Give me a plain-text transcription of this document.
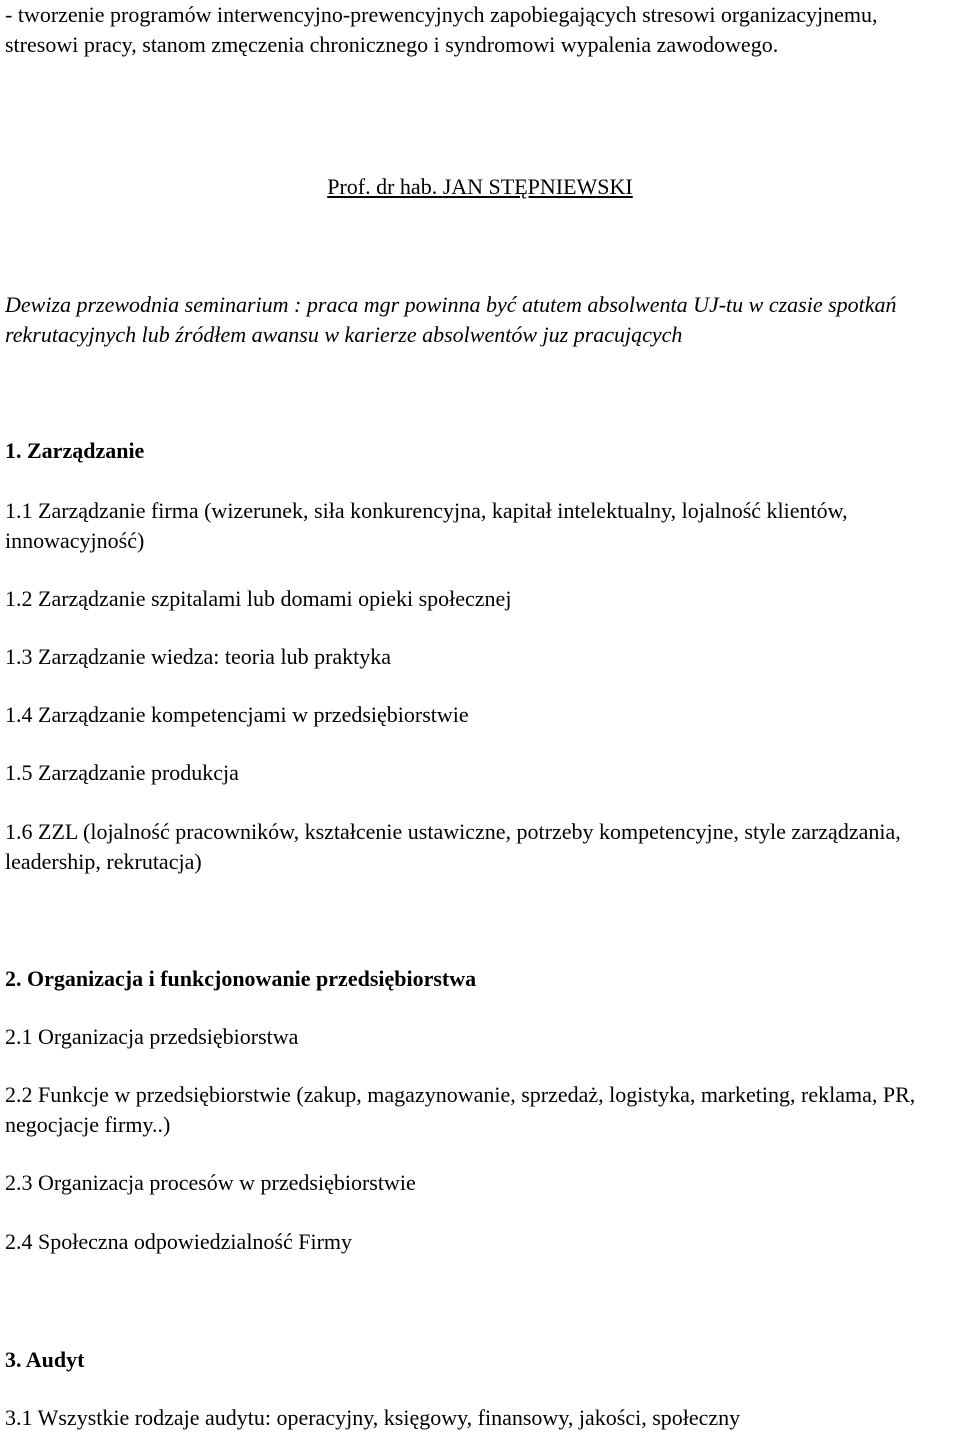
- tworzenie programów interwencyjno-prewencyjnych zapobiegających stresowi organizacyjnemu, stresowi pracy, stanom zmęczenia chronicznego i syndromowi wypalenia zawodowego.

Prof. dr hab. JAN STĘPNIEWSKI

Dewiza przewodnia seminarium : praca mgr powinna być atutem absolwenta UJ-tu w czasie spotkań rekrutacyjnych lub źródłem awansu w karierze absolwentów juz pracujących

1. Zarządzanie

1.1 Zarządzanie firma (wizerunek, siła konkurencyjna, kapitał intelektualny, lojalność klientów, innowacyjność)

1.2 Zarządzanie szpitalami lub domami opieki społecznej

1.3 Zarządzanie wiedza: teoria lub praktyka

1.4 Zarządzanie kompetencjami w przedsiębiorstwie

1.5 Zarządzanie produkcja

1.6 ZZL (lojalność pracowników, kształcenie ustawiczne, potrzeby kompetencyjne, style zarządzania, leadership, rekrutacja)

2. Organizacja i funkcjonowanie przedsiębiorstwa

2.1 Organizacja przedsiębiorstwa

2.2 Funkcje w przedsiębiorstwie (zakup, magazynowanie, sprzedaż, logistyka, marketing, reklama, PR, negocjacje firmy..)

2.3 Organizacja procesów w przedsiębiorstwie

2.4 Społeczna odpowiedzialność Firmy

3. Audyt

3.1 Wszystkie rodzaje audytu: operacyjny, księgowy, finansowy, jakości, społeczny
